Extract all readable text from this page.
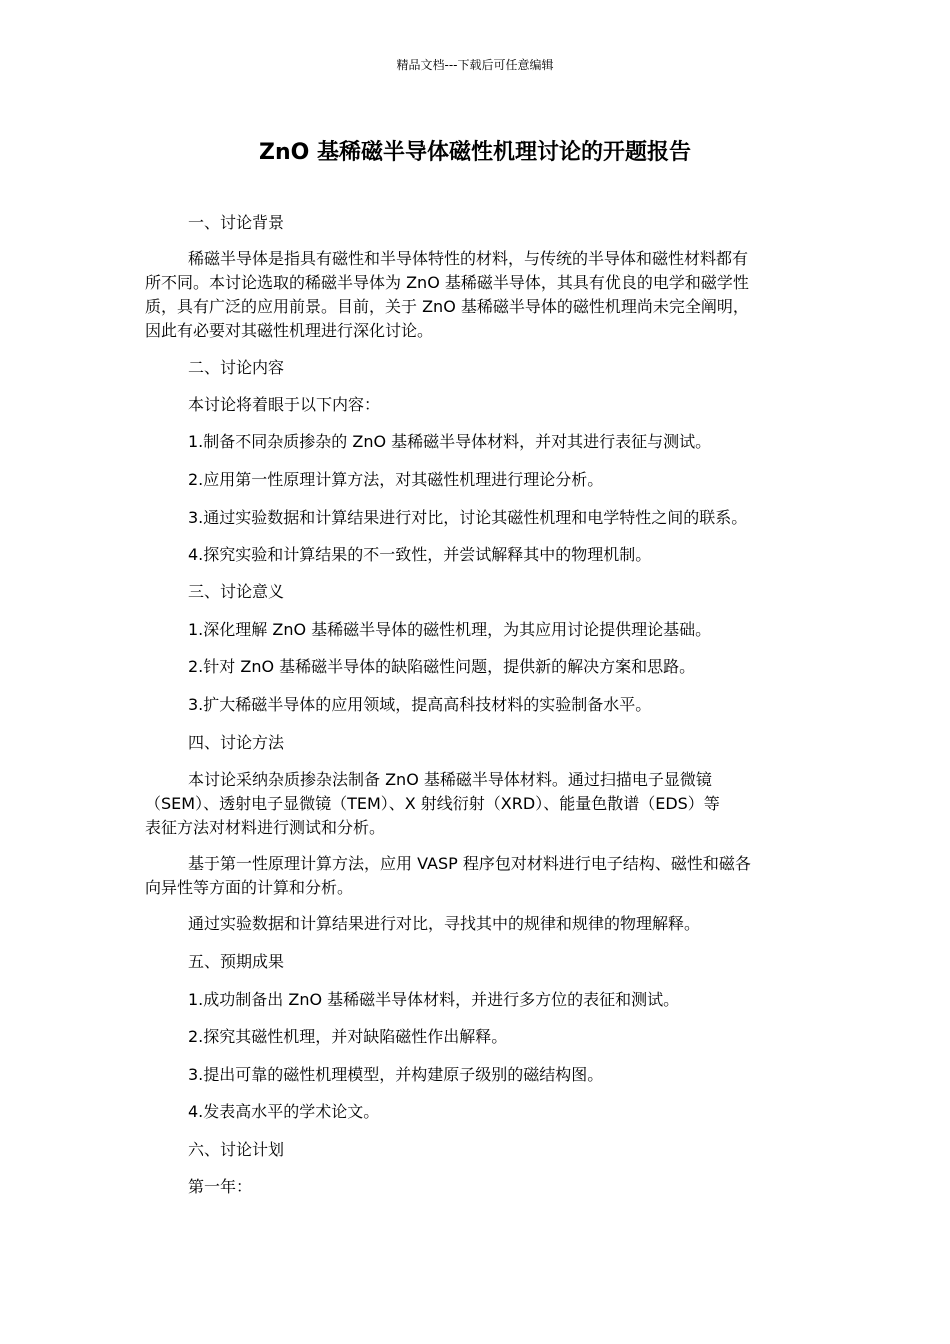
精品文档---下载后可任意编辑
ZnO 基稀磁半导体磁性机理讨论的开题报告
一、讨论背景
稀磁半导体是指具有磁性和半导体特性的材料，与传统的半导体和磁性材料都有
所不同。本讨论选取的稀磁半导体为 ZnO 基稀磁半导体，其具有优良的电学和磁学性
质，具有广泛的应用前景。目前，关于 ZnO 基稀磁半导体的磁性机理尚未完全阐明，
因此有必要对其磁性机理进行深化讨论。
二、讨论内容
本讨论将着眼于以下内容：
1.制备不同杂质掺杂的 ZnO 基稀磁半导体材料，并对其进行表征与测试。
2.应用第一性原理计算方法，对其磁性机理进行理论分析。
3.通过实验数据和计算结果进行对比，讨论其磁性机理和电学特性之间的联系。
4.探究实验和计算结果的不一致性，并尝试解释其中的物理机制。
三、讨论意义
1.深化理解 ZnO 基稀磁半导体的磁性机理，为其应用讨论提供理论基础。
2.针对 ZnO 基稀磁半导体的缺陷磁性问题，提供新的解决方案和思路。
3.扩大稀磁半导体的应用领域，提高高科技材料的实验制备水平。
四、讨论方法
本讨论采纳杂质掺杂法制备 ZnO 基稀磁半导体材料。通过扫描电子显微镜
（SEM）、透射电子显微镜（TEM）、X 射线衍射（XRD）、能量色散谱（EDS）等
表征方法对材料进行测试和分析。
基于第一性原理计算方法，应用 VASP 程序包对材料进行电子结构、磁性和磁各
向异性等方面的计算和分析。
通过实验数据和计算结果进行对比，寻找其中的规律和规律的物理解释。
五、预期成果
1.成功制备出 ZnO 基稀磁半导体材料，并进行多方位的表征和测试。
2.探究其磁性机理，并对缺陷磁性作出解释。
3.提出可靠的磁性机理模型，并构建原子级别的磁结构图。
4.发表高水平的学术论文。
六、讨论计划
第一年：
